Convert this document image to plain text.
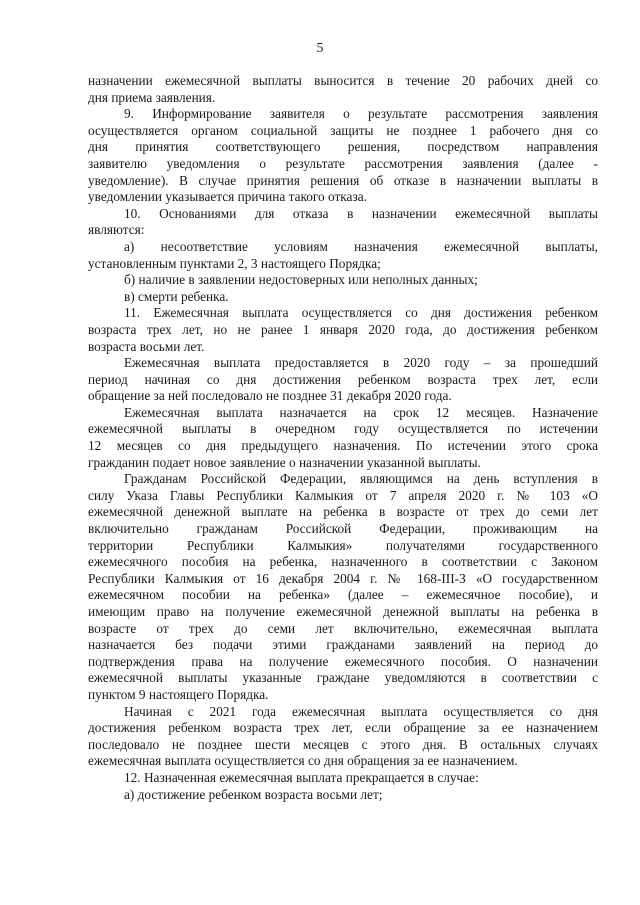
5
назначении ежемесячной выплаты выносится в течение 20 рабочих дней со
дня приема заявления.
9. Информирование заявителя о результате рассмотрения заявления
осуществляется органом социальной защиты не позднее 1 рабочего дня со
дня принятия соответствующего решения, посредством направления
заявителю уведомления о результате рассмотрения заявления (далее -
уведомление). В случае принятия решения об отказе в назначении выплаты в
уведомлении указывается причина такого отказа.
10. Основаниями для отказа в назначении ежемесячной выплаты
являются:
а) несоответствие условиям назначения ежемесячной выплаты,
установленным пунктами 2, 3 настоящего Порядка;
б) наличие в заявлении недостоверных или неполных данных;
в) смерти ребенка.
11. Ежемесячная выплата осуществляется со дня достижения ребенком
возраста трех лет, но не ранее 1 января 2020 года, до достижения ребенком
возраста восьми лет.
Ежемесячная выплата предоставляется в 2020 году – за прошедший
период начиная со дня достижения ребенком возраста трех лет, если
обращение за ней последовало не позднее 31 декабря 2020 года.
Ежемесячная выплата назначается на срок 12 месяцев. Назначение
ежемесячной выплаты в очередном году осуществляется по истечении
12 месяцев со дня предыдущего назначения. По истечении этого срока
гражданин подает новое заявление о назначении указанной выплаты.
Гражданам Российской Федерации, являющимся на день вступления в
силу Указа Главы Республики Калмыкия от 7 апреля 2020 г. № 103 «О
ежемесячной денежной выплате на ребенка в возрасте от трех до семи лет
включительно гражданам Российской Федерации, проживающим на
территории Республики Калмыкия» получателями государственного
ежемесячного пособия на ребенка, назначенного в соответствии с Законом
Республики Калмыкия от 16 декабря 2004 г. № 168-III-З «О государственном
ежемесячном пособии на ребенка» (далее – ежемесячное пособие), и
имеющим право на получение ежемесячной денежной выплаты на ребенка в
возрасте от трех до семи лет включительно, ежемесячная выплата
назначается без подачи этими гражданами заявлений на период до
подтверждения права на получение ежемесячного пособия. О назначении
ежемесячной выплаты указанные граждане уведомляются в соответствии с
пунктом 9 настоящего Порядка.
Начиная с 2021 года ежемесячная выплата осуществляется со дня
достижения ребенком возраста трех лет, если обращение за ее назначением
последовало не позднее шести месяцев с этого дня. В остальных случаях
ежемесячная выплата осуществляется со дня обращения за ее назначением.
12. Назначенная ежемесячная выплата прекращается в случае:
а) достижение ребенком возраста восьми лет;
